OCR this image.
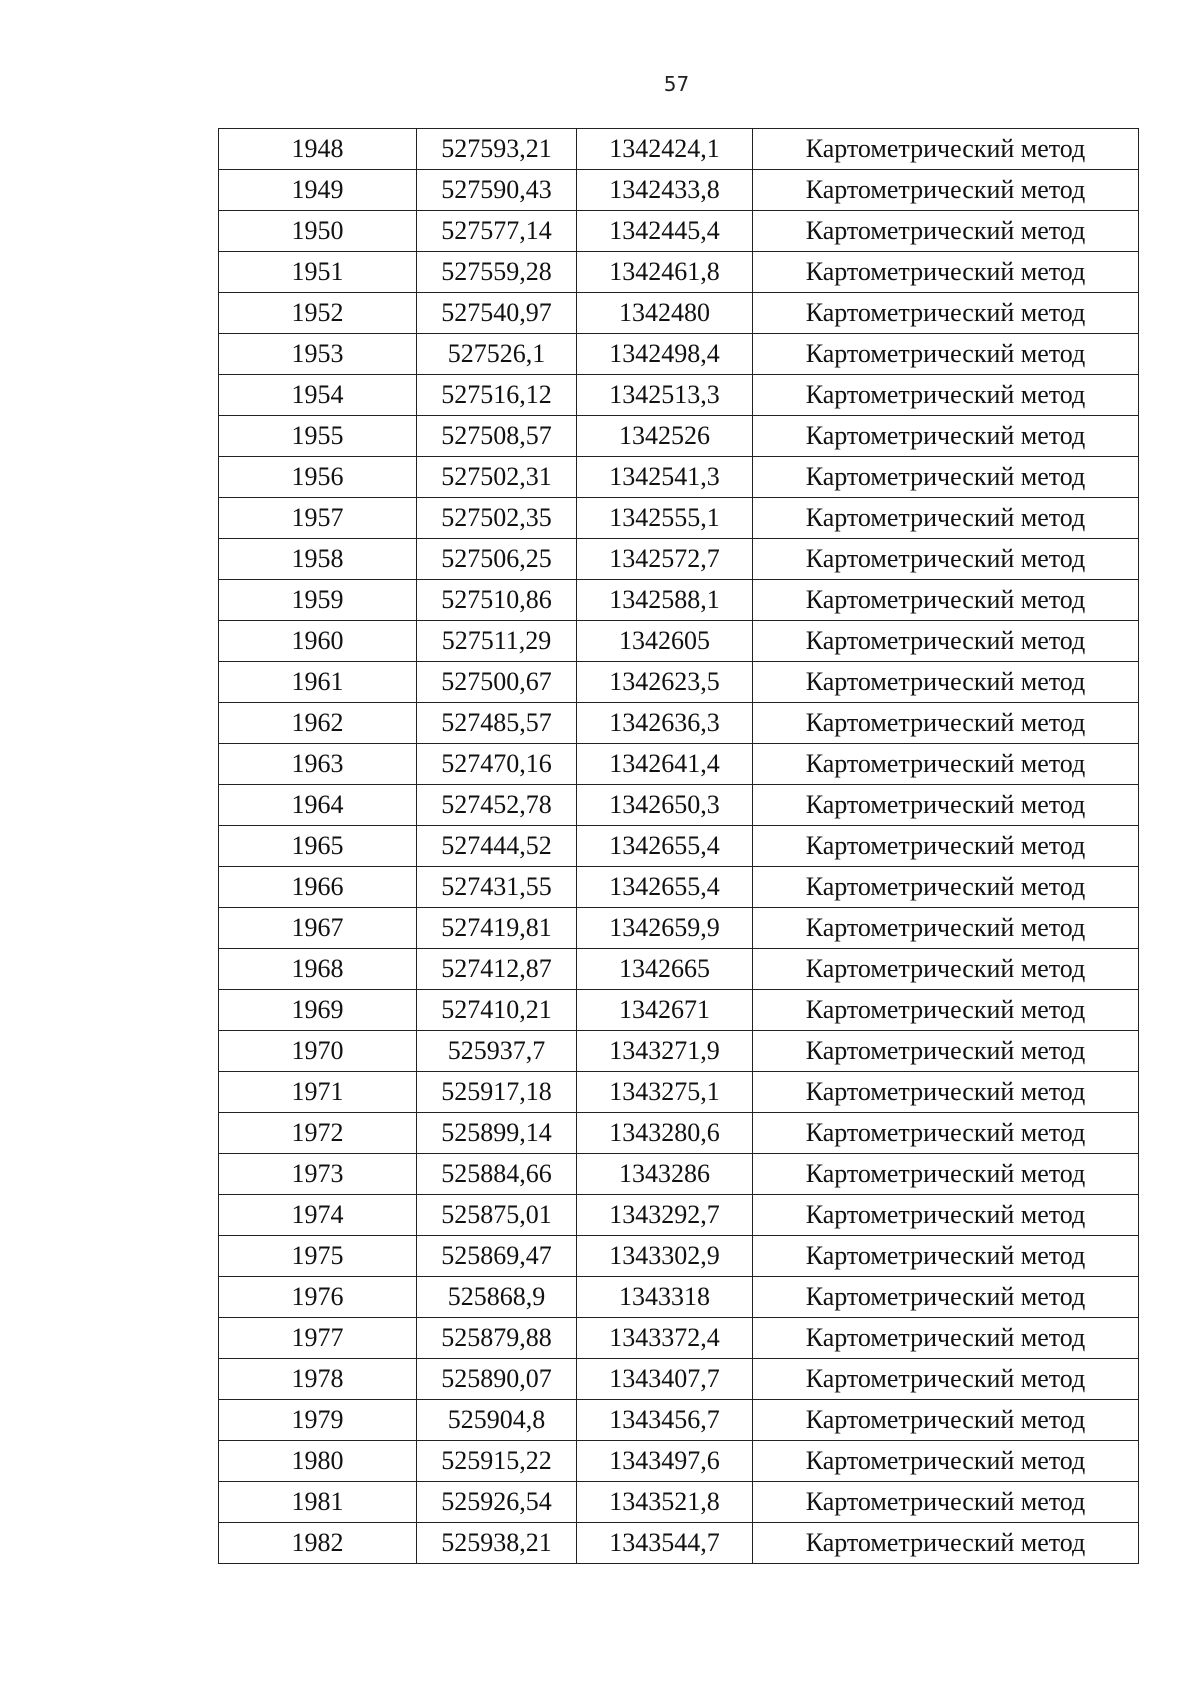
57
1948	527593,21	1342424,1	Картометрический метод
1949	527590,43	1342433,8	Картометрический метод
1950	527577,14	1342445,4	Картометрический метод
1951	527559,28	1342461,8	Картометрический метод
1952	527540,97	1342480	Картометрический метод
1953	527526,1	1342498,4	Картометрический метод
1954	527516,12	1342513,3	Картометрический метод
1955	527508,57	1342526	Картометрический метод
1956	527502,31	1342541,3	Картометрический метод
1957	527502,35	1342555,1	Картометрический метод
1958	527506,25	1342572,7	Картометрический метод
1959	527510,86	1342588,1	Картометрический метод
1960	527511,29	1342605	Картометрический метод
1961	527500,67	1342623,5	Картометрический метод
1962	527485,57	1342636,3	Картометрический метод
1963	527470,16	1342641,4	Картометрический метод
1964	527452,78	1342650,3	Картометрический метод
1965	527444,52	1342655,4	Картометрический метод
1966	527431,55	1342655,4	Картометрический метод
1967	527419,81	1342659,9	Картометрический метод
1968	527412,87	1342665	Картометрический метод
1969	527410,21	1342671	Картометрический метод
1970	525937,7	1343271,9	Картометрический метод
1971	525917,18	1343275,1	Картометрический метод
1972	525899,14	1343280,6	Картометрический метод
1973	525884,66	1343286	Картометрический метод
1974	525875,01	1343292,7	Картометрический метод
1975	525869,47	1343302,9	Картометрический метод
1976	525868,9	1343318	Картометрический метод
1977	525879,88	1343372,4	Картометрический метод
1978	525890,07	1343407,7	Картометрический метод
1979	525904,8	1343456,7	Картометрический метод
1980	525915,22	1343497,6	Картометрический метод
1981	525926,54	1343521,8	Картометрический метод
1982	525938,21	1343544,7	Картометрический метод
